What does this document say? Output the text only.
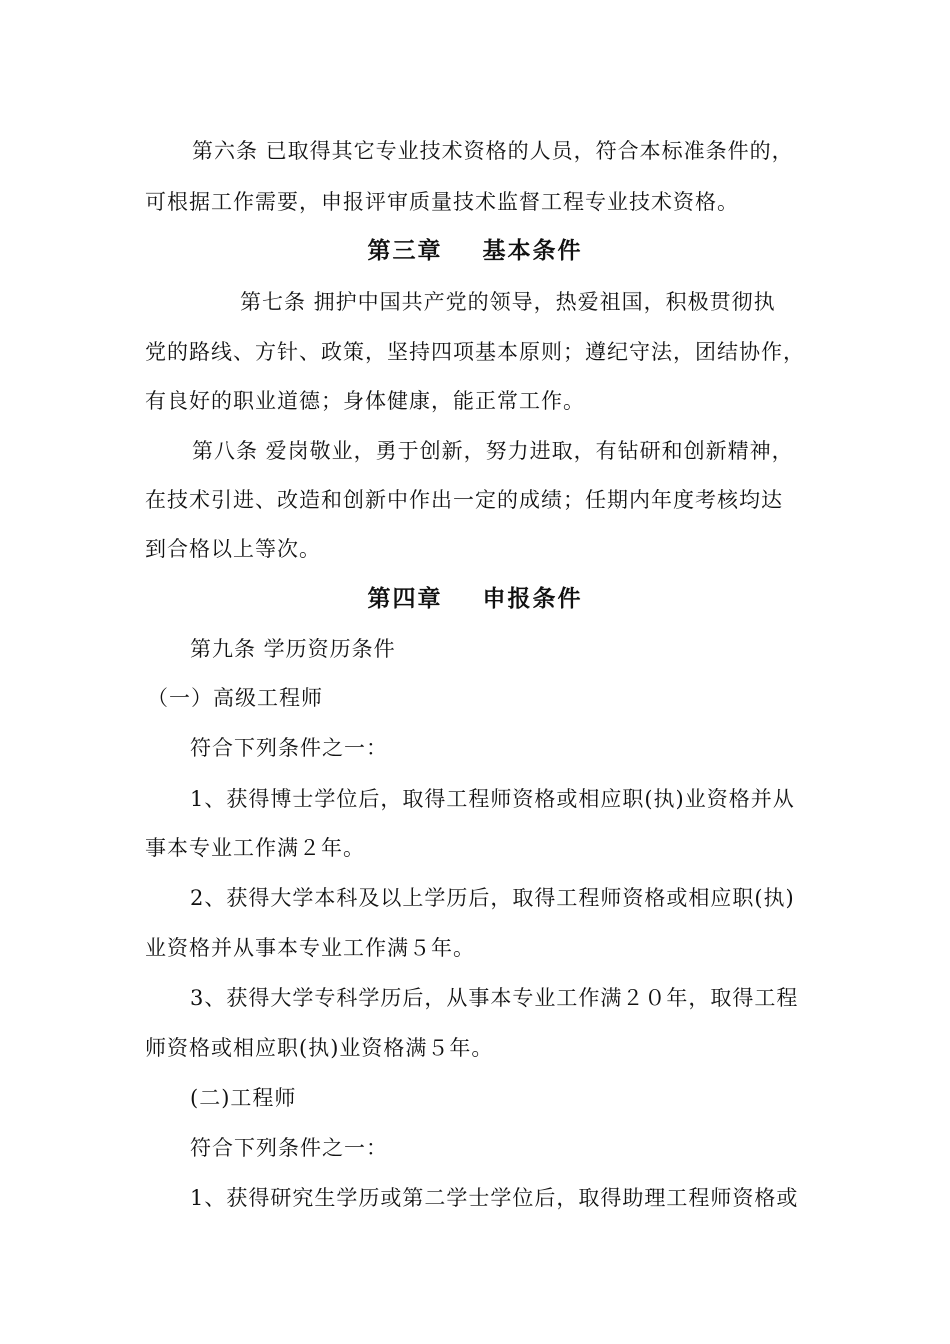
第六条 已取得其它专业技术资格的人员，符合本标准条件的，
可根据工作需要，申报评审质量技术监督工程专业技术资格。
第三章    基本条件
第七条 拥护中国共产党的领导，热爱祖国，积极贯彻执
党的路线、方针、政策，坚持四项基本原则；遵纪守法，团结协作，
有良好的职业道德；身体健康，能正常工作。
第八条 爱岗敬业，勇于创新，努力进取，有钻研和创新精神，
在技术引进、改造和创新中作出一定的成绩；任期内年度考核均达
到合格以上等次。
第四章    申报条件
第九条 学历资历条件
（一）高级工程师
符合下列条件之一：
1、获得博士学位后，取得工程师资格或相应职(执)业资格并从
事本专业工作满２年。
2、获得大学本科及以上学历后，取得工程师资格或相应职(执)
业资格并从事本专业工作满５年。
3、获得大学专科学历后，从事本专业工作满２０年，取得工程
师资格或相应职(执)业资格满５年。
(二)工程师
符合下列条件之一：
1、获得研究生学历或第二学士学位后，取得助理工程师资格或
